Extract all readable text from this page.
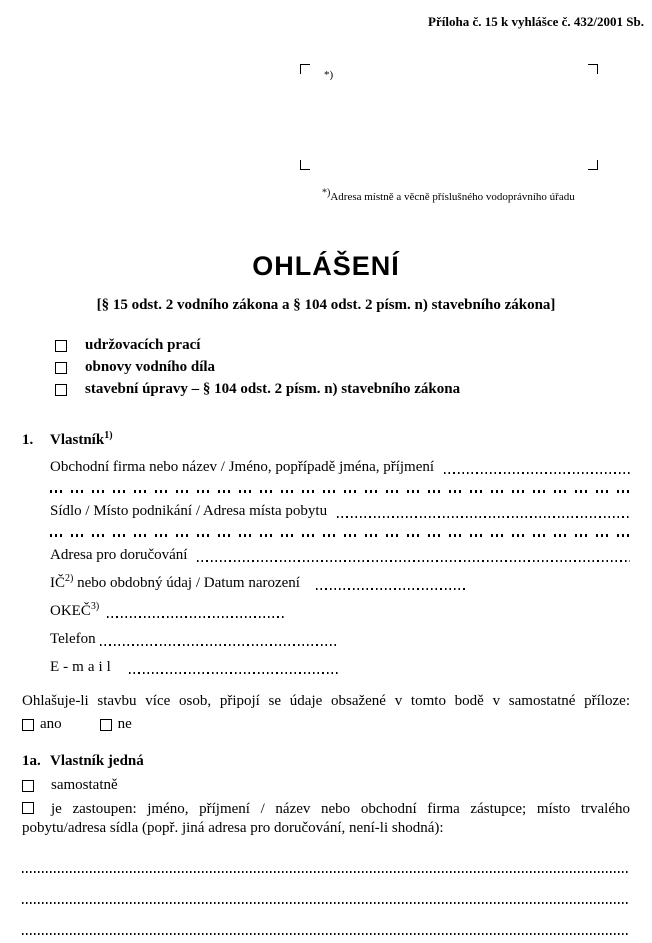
Příloha č. 15 k vyhlášce č. 432/2001 Sb.
*)
*)Adresa místně a věcně příslušného vodoprávního úřadu
OHLÁŠENÍ
[§ 15 odst. 2 vodního zákona a § 104 odst. 2 písm. n) stavebního zákona]
udržovacích prací
obnovy vodního díla
stavební úpravy – § 104 odst. 2 písm. n) stavebního zákona
1.	Vlastník$^{1)}$
Obchodní firma nebo název / Jméno, popřípadě jména, příjmení
Sídlo / Místo podnikání / Adresa místa pobytu
Adresa pro doručování
IČ$^{2)}$ nebo obdobný údaj / Datum narození
OKEČ$^{3)}$
Telefon
E-mail
Ohlašuje-li stavbu více osob, připojí se údaje obsažené v tomto bodě v samostatné příloze:
ano	ne
1a. Vlastník jedná
samostatně
je zastoupen: jméno, příjmení / název nebo obchodní firma zástupce; místo trvalého pobytu/adresa sídla (popř. jiná adresa pro doručování, není-li shodná):
